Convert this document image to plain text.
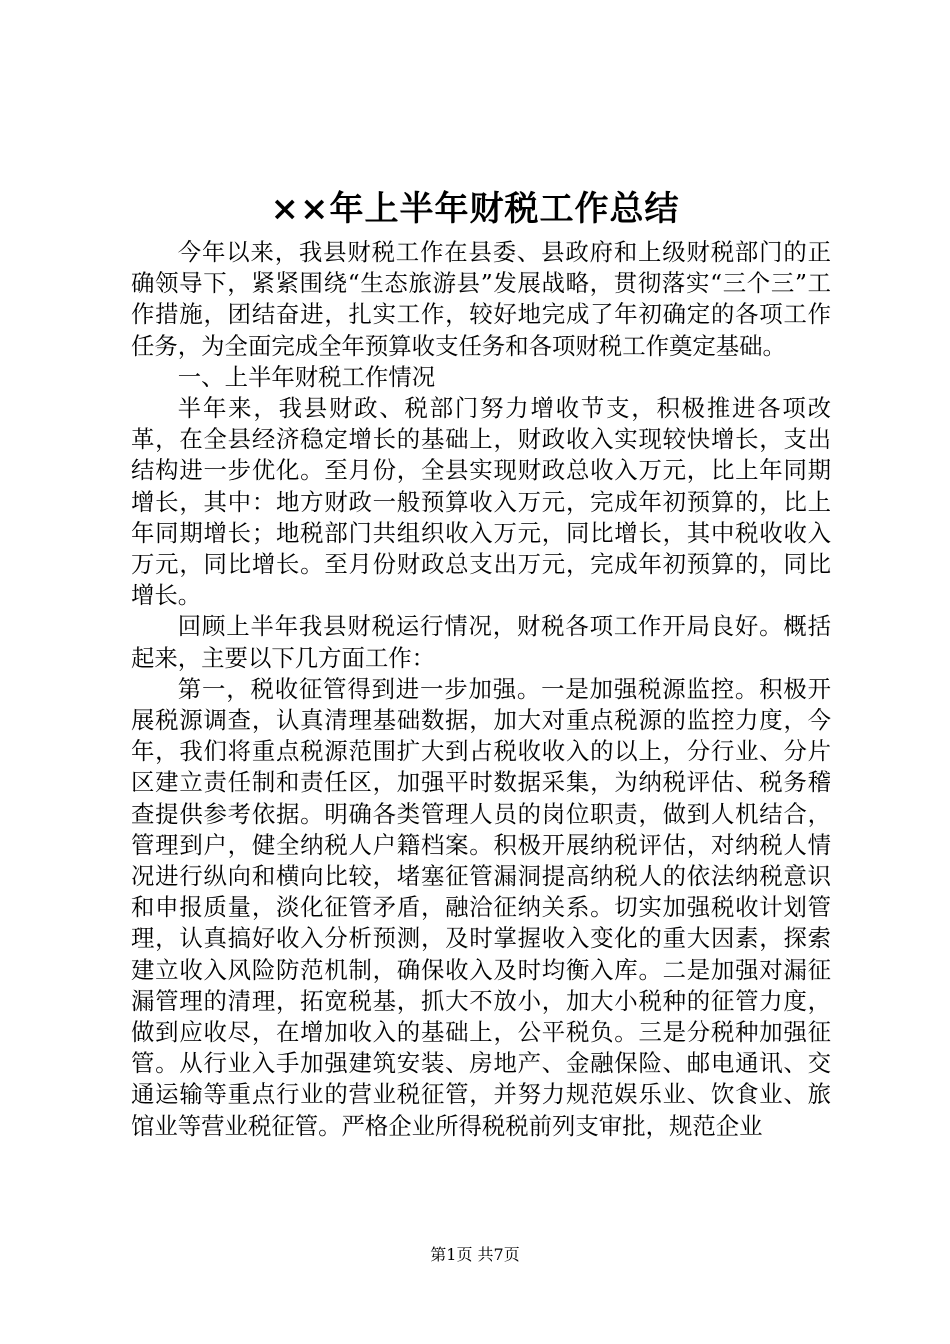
××年上半年财税工作总结

今年以来，我县财税工作在县委、县政府和上级财税部门的正确领导下，紧紧围绕“生态旅游县”发展战略，贯彻落实“三个三”工作措施，团结奋进，扎实工作，较好地完成了年初确定的各项工作任务，为全面完成全年预算收支任务和各项财税工作奠定基础。

一、上半年财税工作情况

半年来，我县财政、税部门努力增收节支，积极推进各项改革，在全县经济稳定增长的基础上，财政收入实现较快增长，支出结构进一步优化。至月份，全县实现财政总收入万元，比上年同期增长，其中：地方财政一般预算收入万元，完成年初预算的，比上年同期增长；地税部门共组织收入万元，同比增长，其中税收收入万元，同比增长。至月份财政总支出万元，完成年初预算的，同比增长。

回顾上半年我县财税运行情况，财税各项工作开局良好。概括起来，主要以下几方面工作：

第一，税收征管得到进一步加强。一是加强税源监控。积极开展税源调查，认真清理基础数据，加大对重点税源的监控力度，今年，我们将重点税源范围扩大到占税收收入的以上，分行业、分片区建立责任制和责任区，加强平时数据采集，为纳税评估、税务稽查提供参考依据。明确各类管理人员的岗位职责，做到人机结合，管理到户，健全纳税人户籍档案。积极开展纳税评估，对纳税人情况进行纵向和横向比较，堵塞征管漏洞提高纳税人的依法纳税意识和申报质量，淡化征管矛盾，融洽征纳关系。切实加强税收计划管理，认真搞好收入分析预测，及时掌握收入变化的重大因素，探索建立收入风险防范机制，确保收入及时均衡入库。二是加强对漏征漏管理的清理，拓宽税基，抓大不放小，加大小税种的征管力度，做到应收尽，在增加收入的基础上，公平税负。三是分税种加强征管。从行业入手加强建筑安装、房地产、金融保险、邮电通讯、交通运输等重点行业的营业税征管，并努力规范娱乐业、饮食业、旅馆业等营业税征管。严格企业所得税税前列支审批，规范企业

第1页 共7页
